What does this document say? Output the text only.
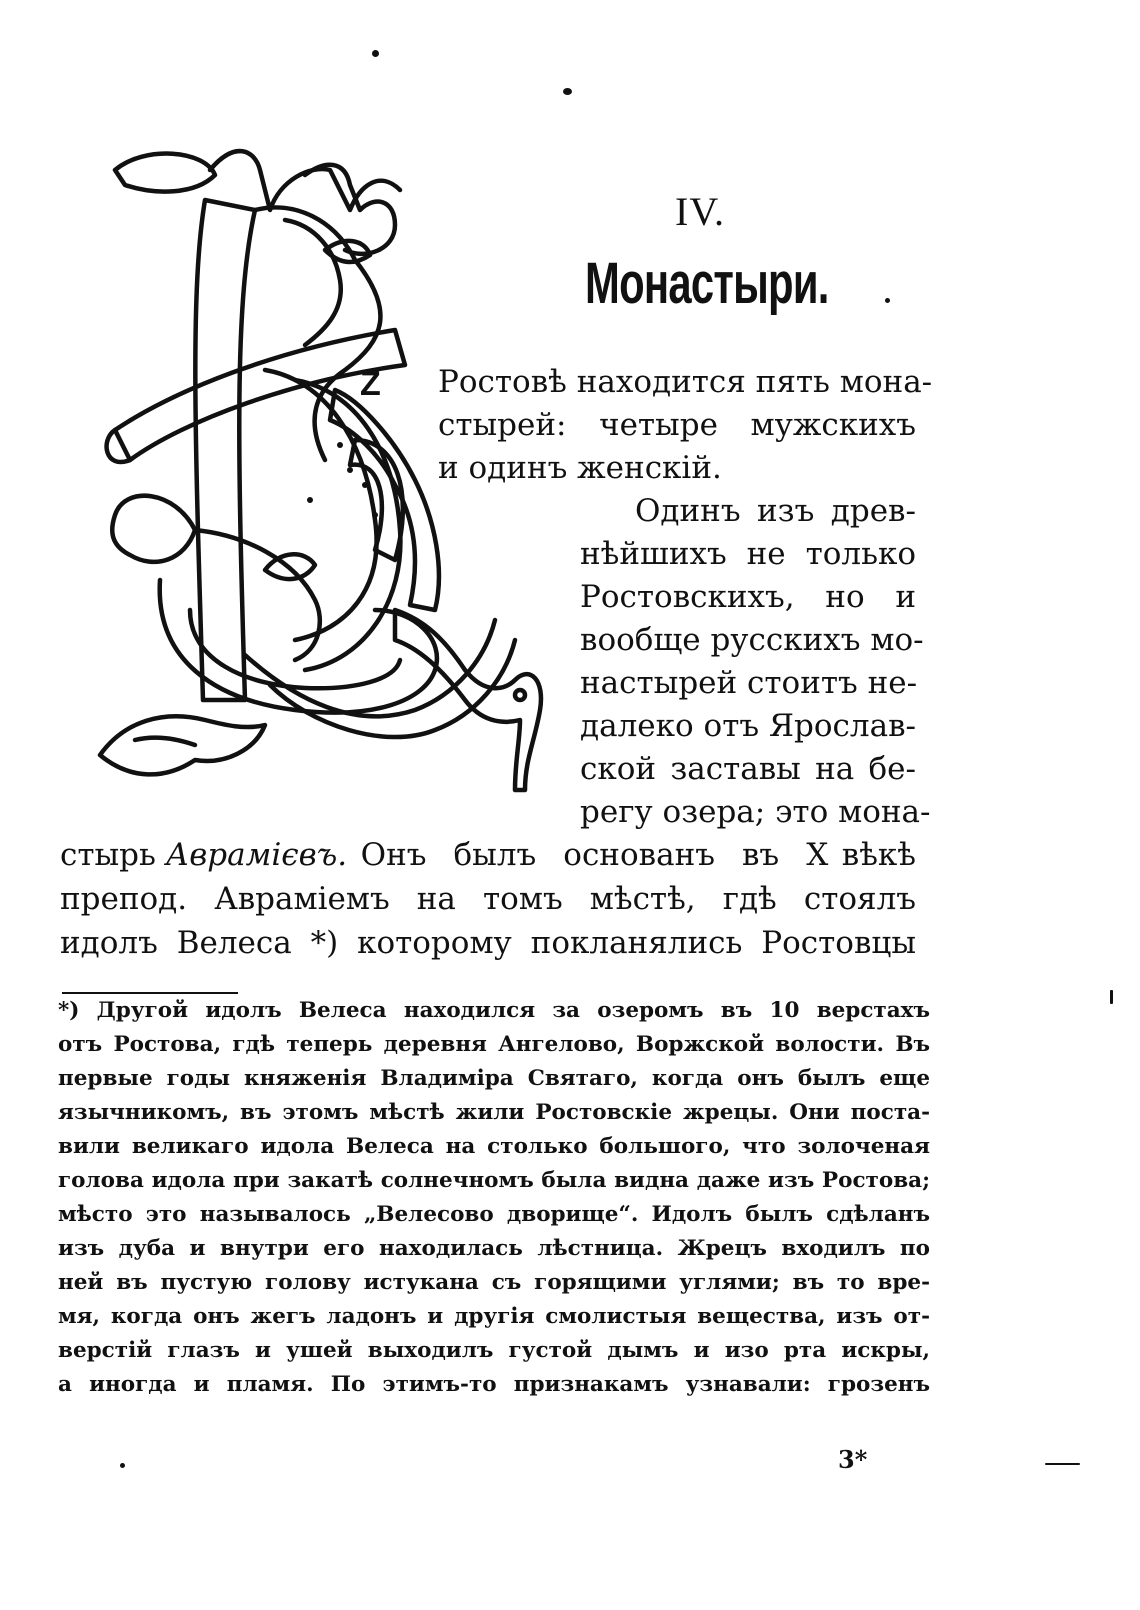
IV.
Монастыри.
Z Ростовѣ находится пять мона-
стырей: четыре мужскихъ
и одинъ женскій.
Одинъ изъ древ-
нѣйшихъ не только
Ростовскихъ, но и
вообще русскихъ мо-
настырей стоитъ не-
далеко отъ Ярослав-
ской заставы на бе-
регу озера; это мона-
стырь Аврамієвъ. Онъ  былъ  основанъ  въ  X вѣкѣ
препод. Авраміемъ на томъ мѣстѣ, гдѣ стоялъ
идолъ Велеса *) которому покланялись Ростовцы
*) Другой идолъ Велеса находился за озеромъ въ 10 верстахъ
отъ Ростова, гдѣ теперь деревня Ангелово, Воржской волости. Въ
первые годы княженія Владиміра Святаго, когда онъ былъ еще
язычникомъ, въ этомъ мѣстѣ жили Ростовскіе жрецы. Они поста-
вили великаго идола Велеса на столько большого, что золоченая
голова идола при закатѣ солнечномъ была видна даже изъ Ростова;
мѣсто это называлось „Велесово дворище“. Идолъ былъ сдѣланъ
изъ дуба и внутри его находилась лѣстница. Жрецъ входилъ по
ней въ пустую голову истукана съ горящими углями; въ то вре-
мя, когда онъ жегъ ладонъ и другія смолистыя вещества, изъ от-
верстій глазъ и ушей выходилъ густой дымъ и изо рта искры,
а иногда и пламя. По этимъ-то признакамъ узнавали: грозенъ
3*
